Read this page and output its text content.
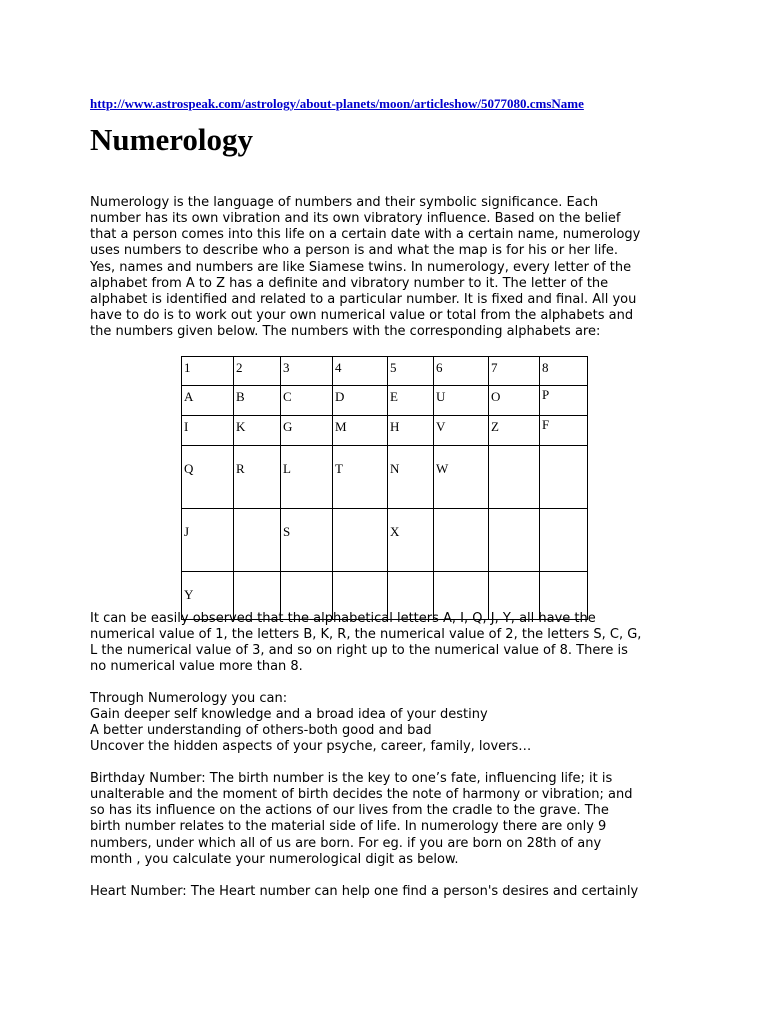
http://www.astrospeak.com/astrology/about-planets/moon/articleshow/5077080.cmsName
Numerology

Numerology is the language of numbers and their symbolic significance. Each
number has its own vibration and its own vibratory influence. Based on the belief
that a person comes into this life on a certain date with a certain name, numerology
uses numbers to describe who a person is and what the map is for his or her life.
Yes, names and numbers are like Siamese twins. In numerology, every letter of the
alphabet from A to Z has a definite and vibratory number to it. The letter of the
alphabet is identified and related to a particular number. It is fixed and final. All you
have to do is to work out your own numerical value or total from the alphabets and
the numbers given below. The numbers with the corresponding alphabets are:

1	2	3	4	5	6	7	8
A	B	C	D	E	U	O	P
I	K	G	M	H	V	Z	F
Q	R	L	T	N	W		
J		S		X			
Y							

It can be easily observed that the alphabetical letters A, I, Q, J, Y, all have the
numerical value of 1, the letters B, K, R, the numerical value of 2, the letters S, C, G,
L the numerical value of 3, and so on right up to the numerical value of 8. There is
no numerical value more than 8.

Through Numerology you can:
Gain deeper self knowledge and a broad idea of your destiny
A better understanding of others-both good and bad
Uncover the hidden aspects of your psyche, career, family, lovers…

Birthday Number: The birth number is the key to one’s fate, influencing life; it is
unalterable and the moment of birth decides the note of harmony or vibration; and
so has its influence on the actions of our lives from the cradle to the grave. The
birth number relates to the material side of life. In numerology there are only 9
numbers, under which all of us are born. For eg. if you are born on 28th of any
month , you calculate your numerological digit as below.

Heart Number: The Heart number can help one find a person's desires and certainly
